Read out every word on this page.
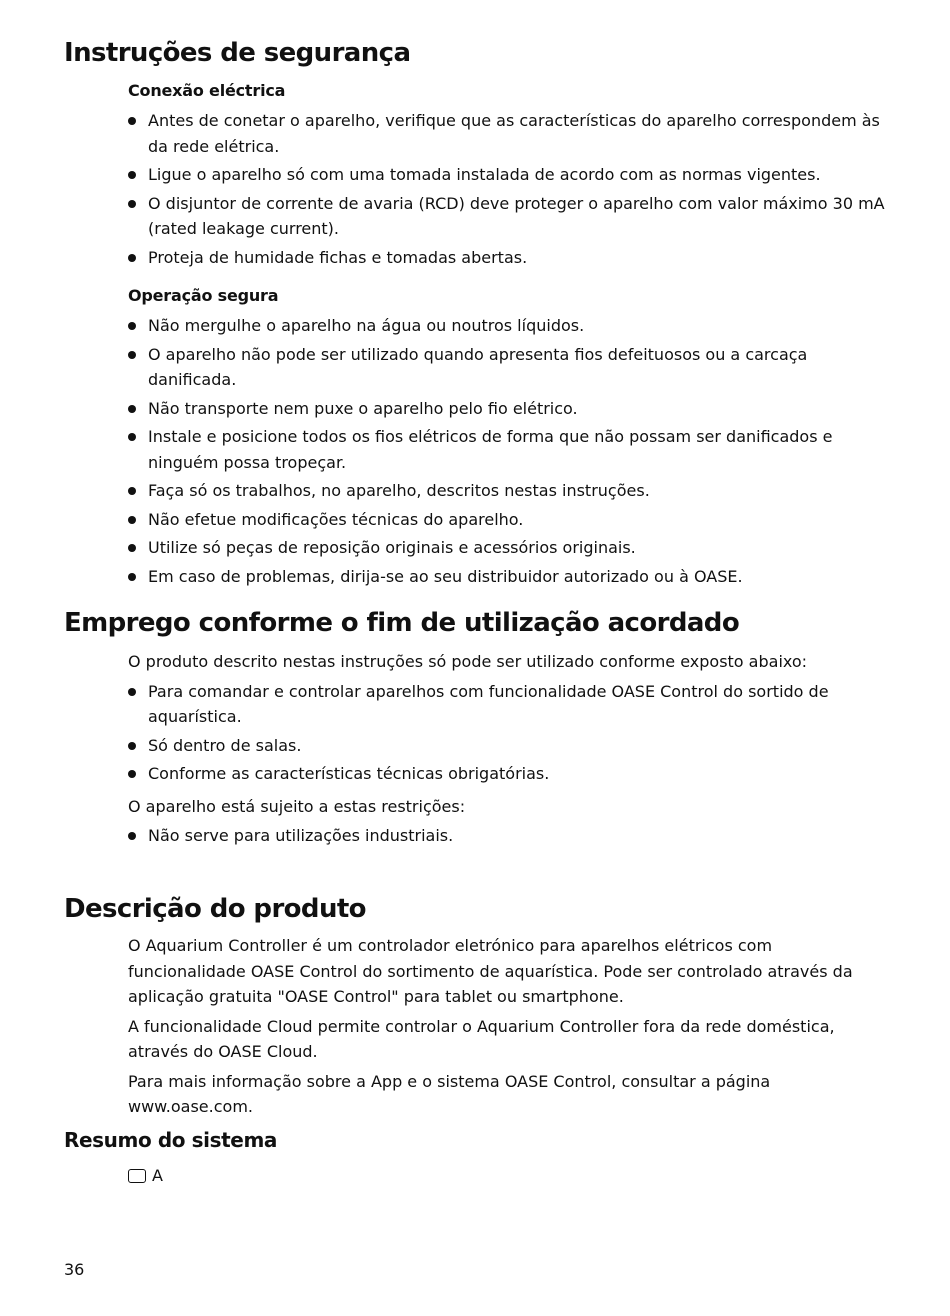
Instruções de segurança
Conexão eléctrica
Antes de conetar o aparelho, verifique que as características do aparelho correspondem às da rede elétrica.
Ligue o aparelho só com uma tomada instalada de acordo com as normas vigentes.
O disjuntor de corrente de avaria (RCD) deve proteger o aparelho com valor máximo 30 mA (rated leakage current).
Proteja de humidade fichas e tomadas abertas.
Operação segura
Não mergulhe o aparelho na água ou noutros líquidos.
O aparelho não pode ser utilizado quando apresenta fios defeituosos ou a carcaça danificada.
Não transporte nem puxe o aparelho pelo fio elétrico.
Instale e posicione todos os fios elétricos de forma que não possam ser danificados e ninguém possa tropeçar.
Faça só os trabalhos, no aparelho, descritos nestas instruções.
Não efetue modificações técnicas do aparelho.
Utilize só peças de reposição originais e acessórios originais.
Em caso de problemas, dirija-se ao seu distribuidor autorizado ou à OASE.
Emprego conforme o fim de utilização acordado

O produto descrito nestas instruções só pode ser utilizado conforme exposto abaixo:

Para comandar e controlar aparelhos com funcionalidade OASE Control do sortido de aquarística.
Só dentro de salas.
Conforme as características técnicas obrigatórias.

O aparelho está sujeito a estas restrições:

Não serve para utilizações industriais.
Descrição do produto

O Aquarium Controller é um controlador eletrónico para aparelhos elétricos com funcionalidade OASE Control do sortimento de aquarística. Pode ser controlado através da aplicação gratuita "OASE Control" para tablet ou smartphone.

A funcionalidade Cloud permite controlar o Aquarium Controller fora da rede doméstica, através do OASE Cloud.

Para mais informação sobre a App e o sistema OASE Control, consultar a página www.oase.com.

Resumo do sistema
A
36
